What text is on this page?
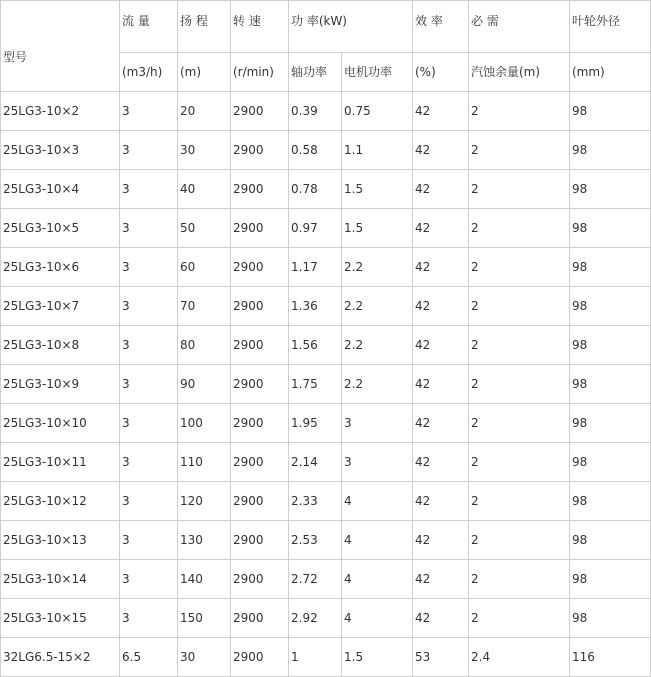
型号	流 量	扬 程	转 速	功 率(kW)		效 率	必 需	叶轮外径
	(m3/h)	(m)	(r/min)	轴功率	电机功率	(%)	汽蚀余量(m)	(mm)
25LG3-10×2	3	20	2900	0.39	0.75	42	2	98
25LG3-10×3	3	30	2900	0.58	1.1	42	2	98
25LG3-10×4	3	40	2900	0.78	1.5	42	2	98
25LG3-10×5	3	50	2900	0.97	1.5	42	2	98
25LG3-10×6	3	60	2900	1.17	2.2	42	2	98
25LG3-10×7	3	70	2900	1.36	2.2	42	2	98
25LG3-10×8	3	80	2900	1.56	2.2	42	2	98
25LG3-10×9	3	90	2900	1.75	2.2	42	2	98
25LG3-10×10	3	100	2900	1.95	3	42	2	98
25LG3-10×11	3	110	2900	2.14	3	42	2	98
25LG3-10×12	3	120	2900	2.33	4	42	2	98
25LG3-10×13	3	130	2900	2.53	4	42	2	98
25LG3-10×14	3	140	2900	2.72	4	42	2	98
25LG3-10×15	3	150	2900	2.92	4	42	2	98
32LG6.5-15×2	6.5	30	2900	1	1.5	53	2.4	116
